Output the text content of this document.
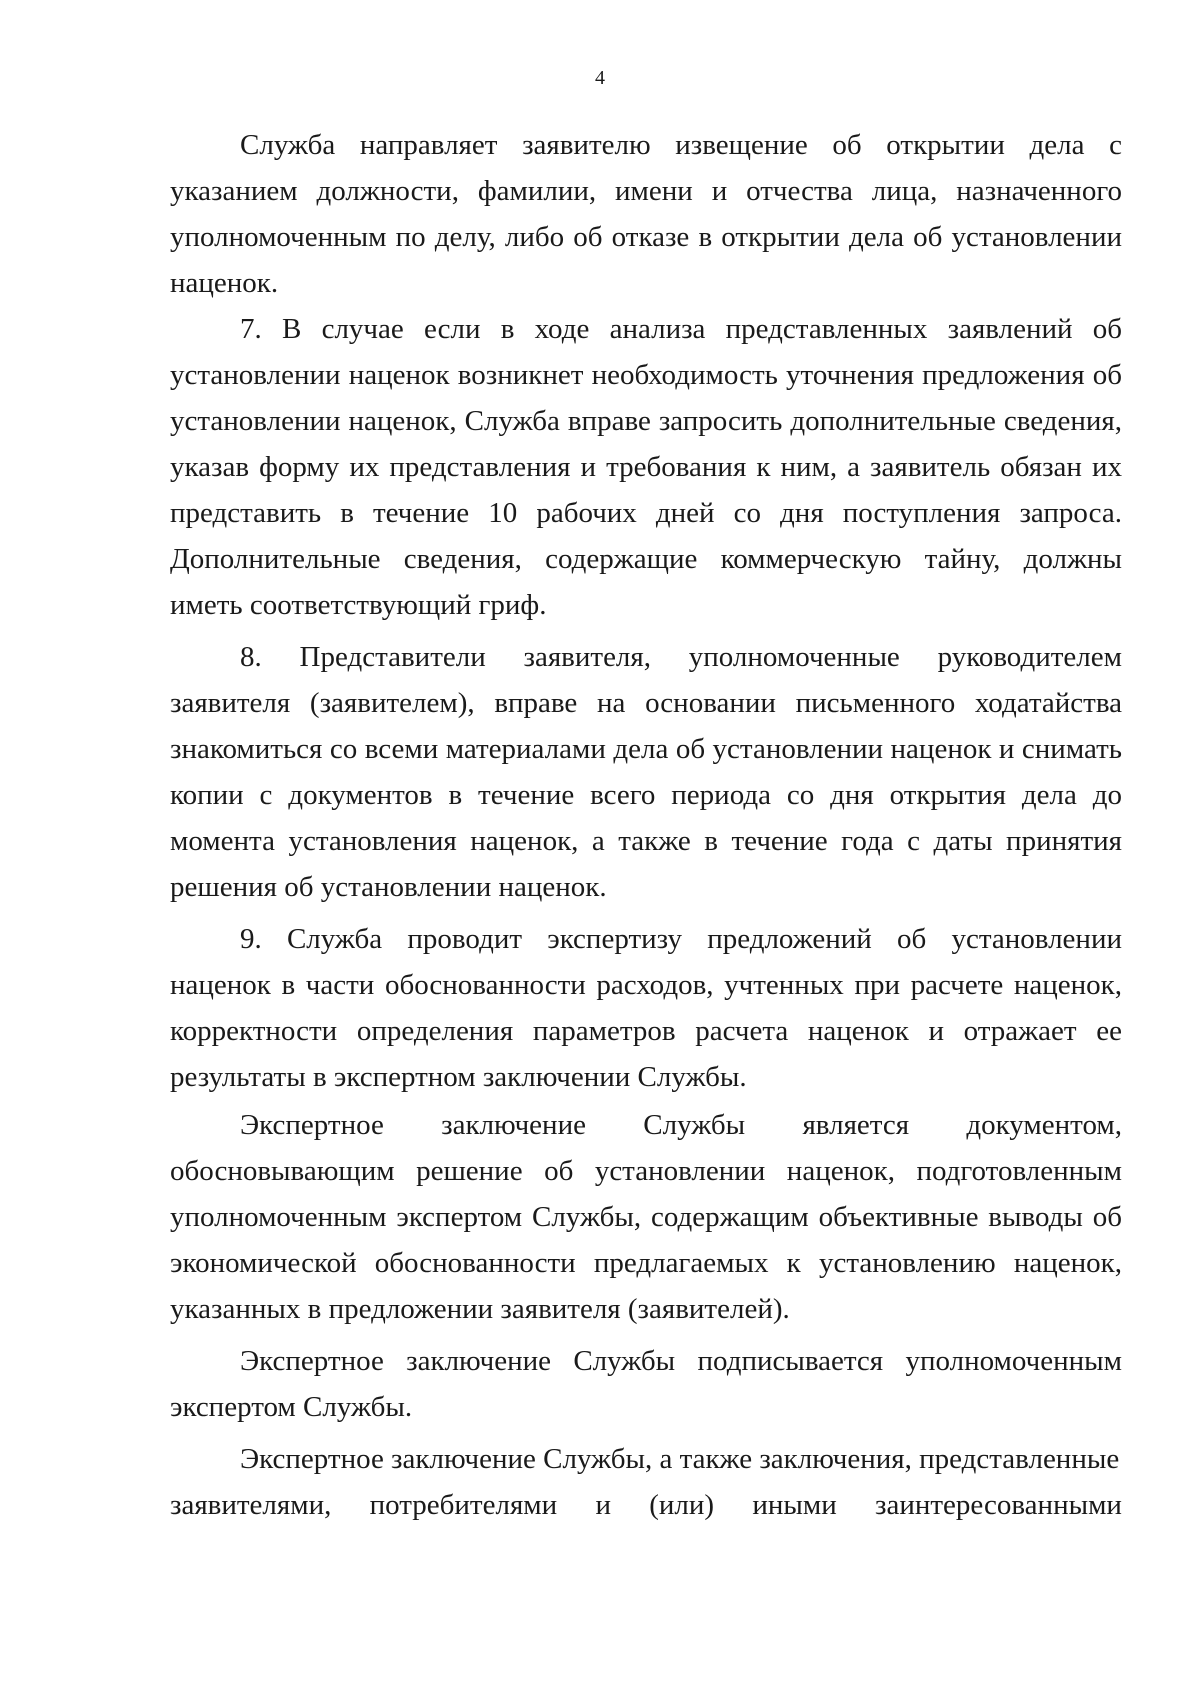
4

Служба направляет заявителю извещение об открытии дела с указанием должности, фамилии, имени и отчества лица, назначенного уполномоченным по делу, либо об отказе в открытии дела об установлении наценок.

7. В случае если в ходе анализа представленных заявлений об установлении наценок возникнет необходимость уточнения предложения об установлении наценок, Служба вправе запросить дополнительные сведения, указав форму их представления и требования к ним, а заявитель обязан их представить в течение 10 рабочих дней со дня поступления запроса. Дополнительные сведения, содержащие коммерческую тайну, должны иметь соответствующий гриф.

8. Представители заявителя, уполномоченные руководителем заявителя (заявителем), вправе на основании письменного ходатайства знакомиться со всеми материалами дела об установлении наценок и снимать копии с документов в течение всего периода со дня открытия дела до момента установления наценок, а также в течение года с даты принятия решения об установлении наценок.

9. Служба проводит экспертизу предложений об установлении наценок в части обоснованности расходов, учтенных при расчете наценок, корректности определения параметров расчета наценок и отражает ее результаты в экспертном заключении Службы.

Экспертное заключение Службы является документом, обосновывающим решение об установлении наценок, подготовленным уполномоченным экспертом Службы, содержащим объективные выводы об экономической обоснованности предлагаемых к установлению наценок, указанных в предложении заявителя (заявителей).

Экспертное заключение Службы подписывается уполномоченным экспертом Службы.

Экспертное заключение Службы, а также заключения, представленные

заявителями, потребителями и (или) иными заинтересованными
